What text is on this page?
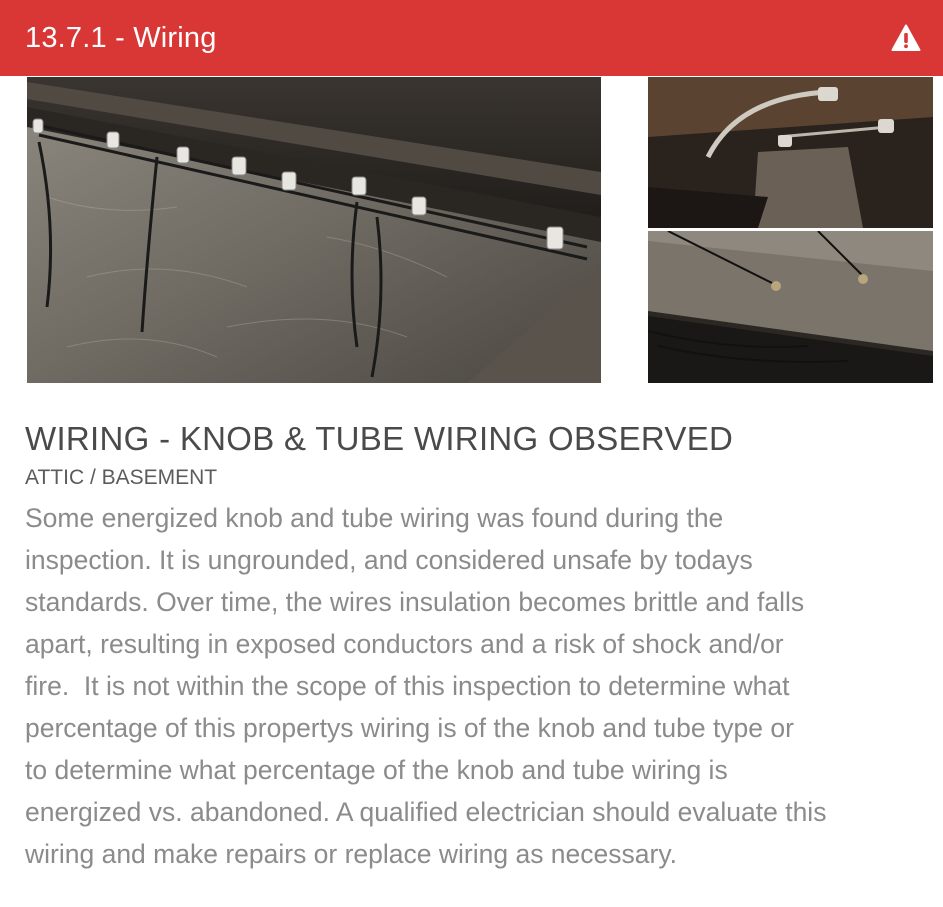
13.7.1 - Wiring
WIRING - KNOB & TUBE WIRING OBSERVED
ATTIC / BASEMENT
Some energized knob and tube wiring was found during the
inspection. It is ungrounded, and considered unsafe by todays
standards. Over time, the wires insulation becomes brittle and falls
apart, resulting in exposed conductors and a risk of shock and/or
fire.  It is not within the scope of this inspection to determine what
percentage of this propertys wiring is of the knob and tube type or
to determine what percentage of the knob and tube wiring is
energized vs. abandoned. A qualified electrician should evaluate this
wiring and make repairs or replace wiring as necessary.
